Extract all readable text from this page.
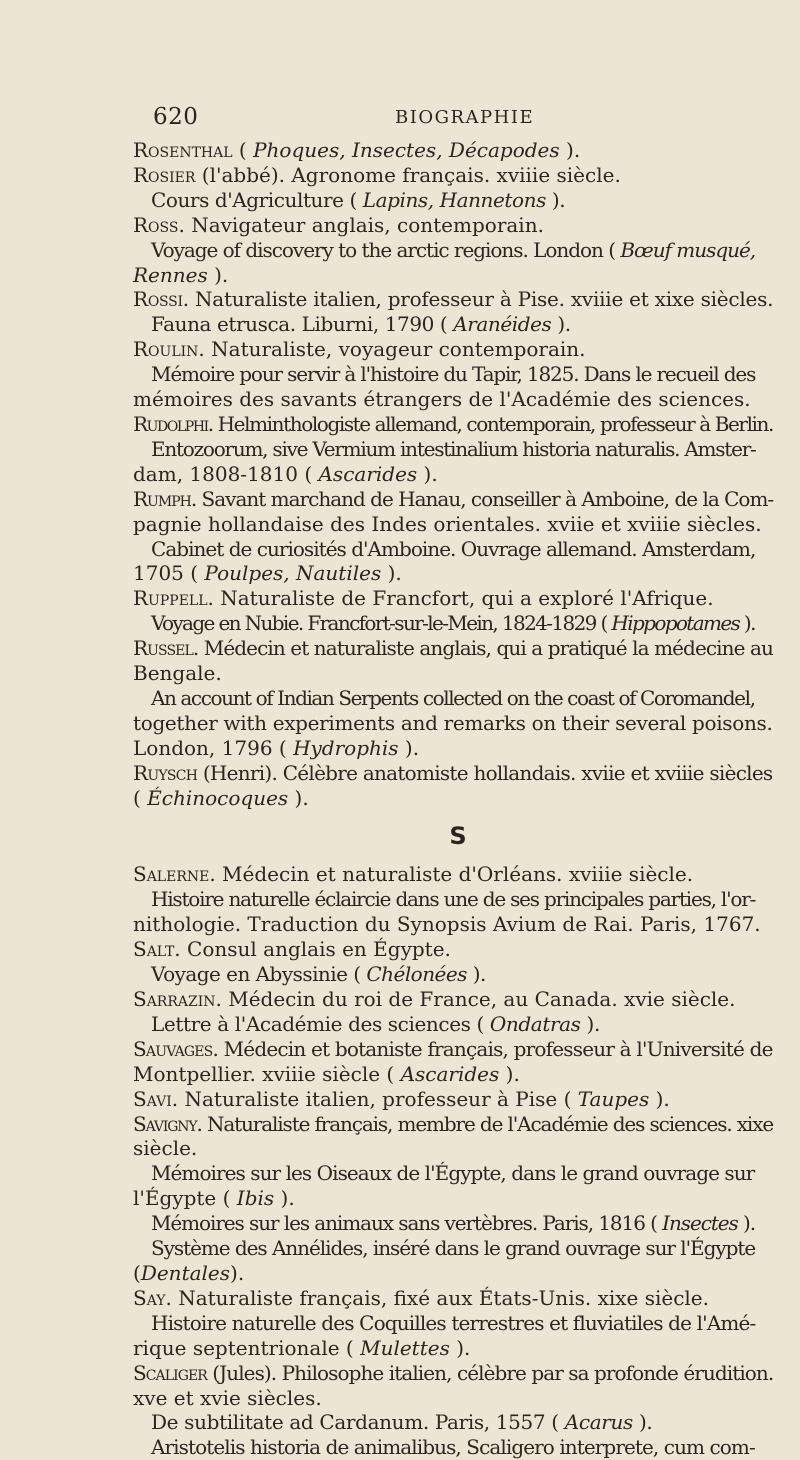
620	BIOGRAPHIE
Rosenthal ( Phoques, Insectes, Décapodes ).
Rosier (l'abbé). Agronome français. xviiie siècle.
Cours d'Agriculture ( Lapins, Hannetons ).
Ross. Navigateur anglais, contemporain.
Voyage of discovery to the arctic regions. London ( Bœuf musqué,
Rennes ).
Rossi. Naturaliste italien, professeur à Pise. xviiie et xixe siècles.
Fauna etrusca. Liburni, 1790 ( Aranéides ).
Roulin. Naturaliste, voyageur contemporain.
Mémoire pour servir à l'histoire du Tapir, 1825. Dans le recueil des
mémoires des savants étrangers de l'Académie des sciences.
Rudolphi. Helminthologiste allemand, contemporain, professeur à Berlin.
Entozoorum, sive Vermium intestinalium historia naturalis. Amster-
dam, 1808-1810 ( Ascarides ).
Rumph. Savant marchand de Hanau, conseiller à Amboine, de la Com-
pagnie hollandaise des Indes orientales. xviie et xviiie siècles.
Cabinet de curiosités d'Amboine. Ouvrage allemand. Amsterdam,
1705 ( Poulpes, Nautiles ).
Ruppell. Naturaliste de Francfort, qui a exploré l'Afrique.
Voyage en Nubie. Francfort-sur-le-Mein, 1824-1829 ( Hippopotames ).
Russel. Médecin et naturaliste anglais, qui a pratiqué la médecine au
Bengale.
An account of Indian Serpents collected on the coast of Coromandel,
together with experiments and remarks on their several poisons.
London, 1796 ( Hydrophis ).
Ruysch (Henri). Célèbre anatomiste hollandais. xviie et xviiie siècles
( Échinocoques ).
S
Salerne. Médecin et naturaliste d'Orléans. xviiie siècle.
Histoire naturelle éclaircie dans une de ses principales parties, l'or-
nithologie. Traduction du Synopsis Avium de Rai. Paris, 1767.
Salt. Consul anglais en Égypte.
Voyage en Abyssinie ( Chélonées ).
Sarrazin. Médecin du roi de France, au Canada. xvie siècle.
Lettre à l'Académie des sciences ( Ondatras ).
Sauvages. Médecin et botaniste français, professeur à l'Université de
Montpellier. xviiie siècle ( Ascarides ).
Savi. Naturaliste italien, professeur à Pise ( Taupes ).
Savigny. Naturaliste français, membre de l'Académie des sciences. xixe
siècle.
Mémoires sur les Oiseaux de l'Égypte, dans le grand ouvrage sur
l'Égypte ( Ibis ).
Mémoires sur les animaux sans vertèbres. Paris, 1816 ( Insectes ).
Système des Annélides, inséré dans le grand ouvrage sur l'Égypte
(Dentales).
Say. Naturaliste français, fixé aux États-Unis. xixe siècle.
Histoire naturelle des Coquilles terrestres et fluviatiles de l'Amé-
rique septentrionale ( Mulettes ).
Scaliger (Jules). Philosophe italien, célèbre par sa profonde érudition.
xve et xvie siècles.
De subtilitate ad Cardanum. Paris, 1557 ( Acarus ).
Aristotelis historia de animalibus, Scaligero interprete, cum com-
